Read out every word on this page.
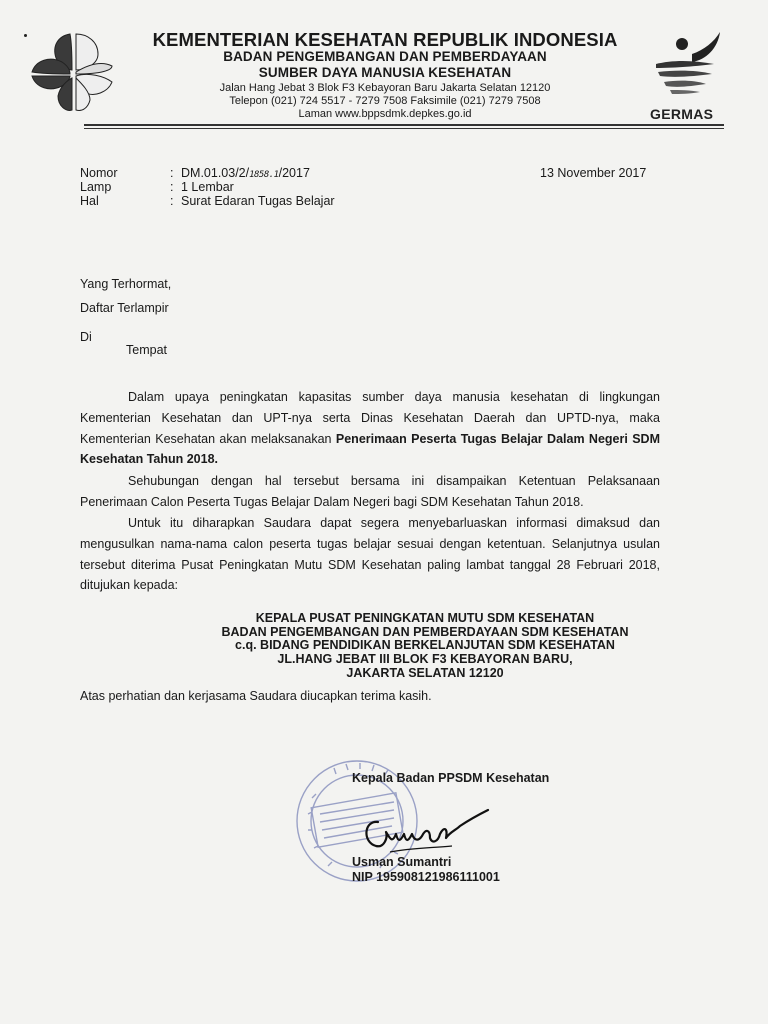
KEMENTERIAN KESEHATAN REPUBLIK INDONESIA
BADAN PENGEMBANGAN DAN PEMBERDAYAAN
SUMBER DAYA MANUSIA KESEHATAN
Jalan Hang Jebat 3 Blok F3 Kebayoran Baru Jakarta Selatan 12120
Telepon (021) 724 5517 - 7279 7508 Faksimile (021) 7279 7508
Laman www.bppsdmk.depkes.go.id	GERMAS
Nomor	: DM.01.03/2/1858.1/2017	13 November 2017
Lamp	: 1 Lembar
Hal	: Surat Edaran Tugas Belajar
Yang Terhormat,
Daftar Terlampir
Di
Tempat
Dalam upaya peningkatan kapasitas sumber daya manusia kesehatan di lingkungan Kementerian Kesehatan dan UPT-nya serta Dinas Kesehatan Daerah dan UPTD-nya, maka Kementerian Kesehatan akan melaksanakan Penerimaan Peserta Tugas Belajar Dalam Negeri SDM Kesehatan Tahun 2018.
Sehubungan dengan hal tersebut bersama ini disampaikan Ketentuan Pelaksanaan Penerimaan Calon Peserta Tugas Belajar Dalam Negeri bagi SDM Kesehatan Tahun 2018.
Untuk itu diharapkan Saudara dapat segera menyebarluaskan informasi dimaksud dan mengusulkan nama-nama calon peserta tugas belajar sesuai dengan ketentuan. Selanjutnya usulan tersebut diterima Pusat Peningkatan Mutu SDM Kesehatan paling lambat tanggal 28 Februari 2018, ditujukan kepada:
KEPALA PUSAT PENINGKATAN MUTU SDM KESEHATAN
BADAN PENGEMBANGAN DAN PEMBERDAYAAN SDM KESEHATAN
c.q. BIDANG PENDIDIKAN BERKELANJUTAN SDM KESEHATAN
JL.HANG JEBAT III BLOK F3 KEBAYORAN BARU,
JAKARTA SELATAN 12120
Atas perhatian dan kerjasama Saudara diucapkan terima kasih.
Kepala Badan PPSDM Kesehatan
Usman Sumantri
NIP 195908121986111001
